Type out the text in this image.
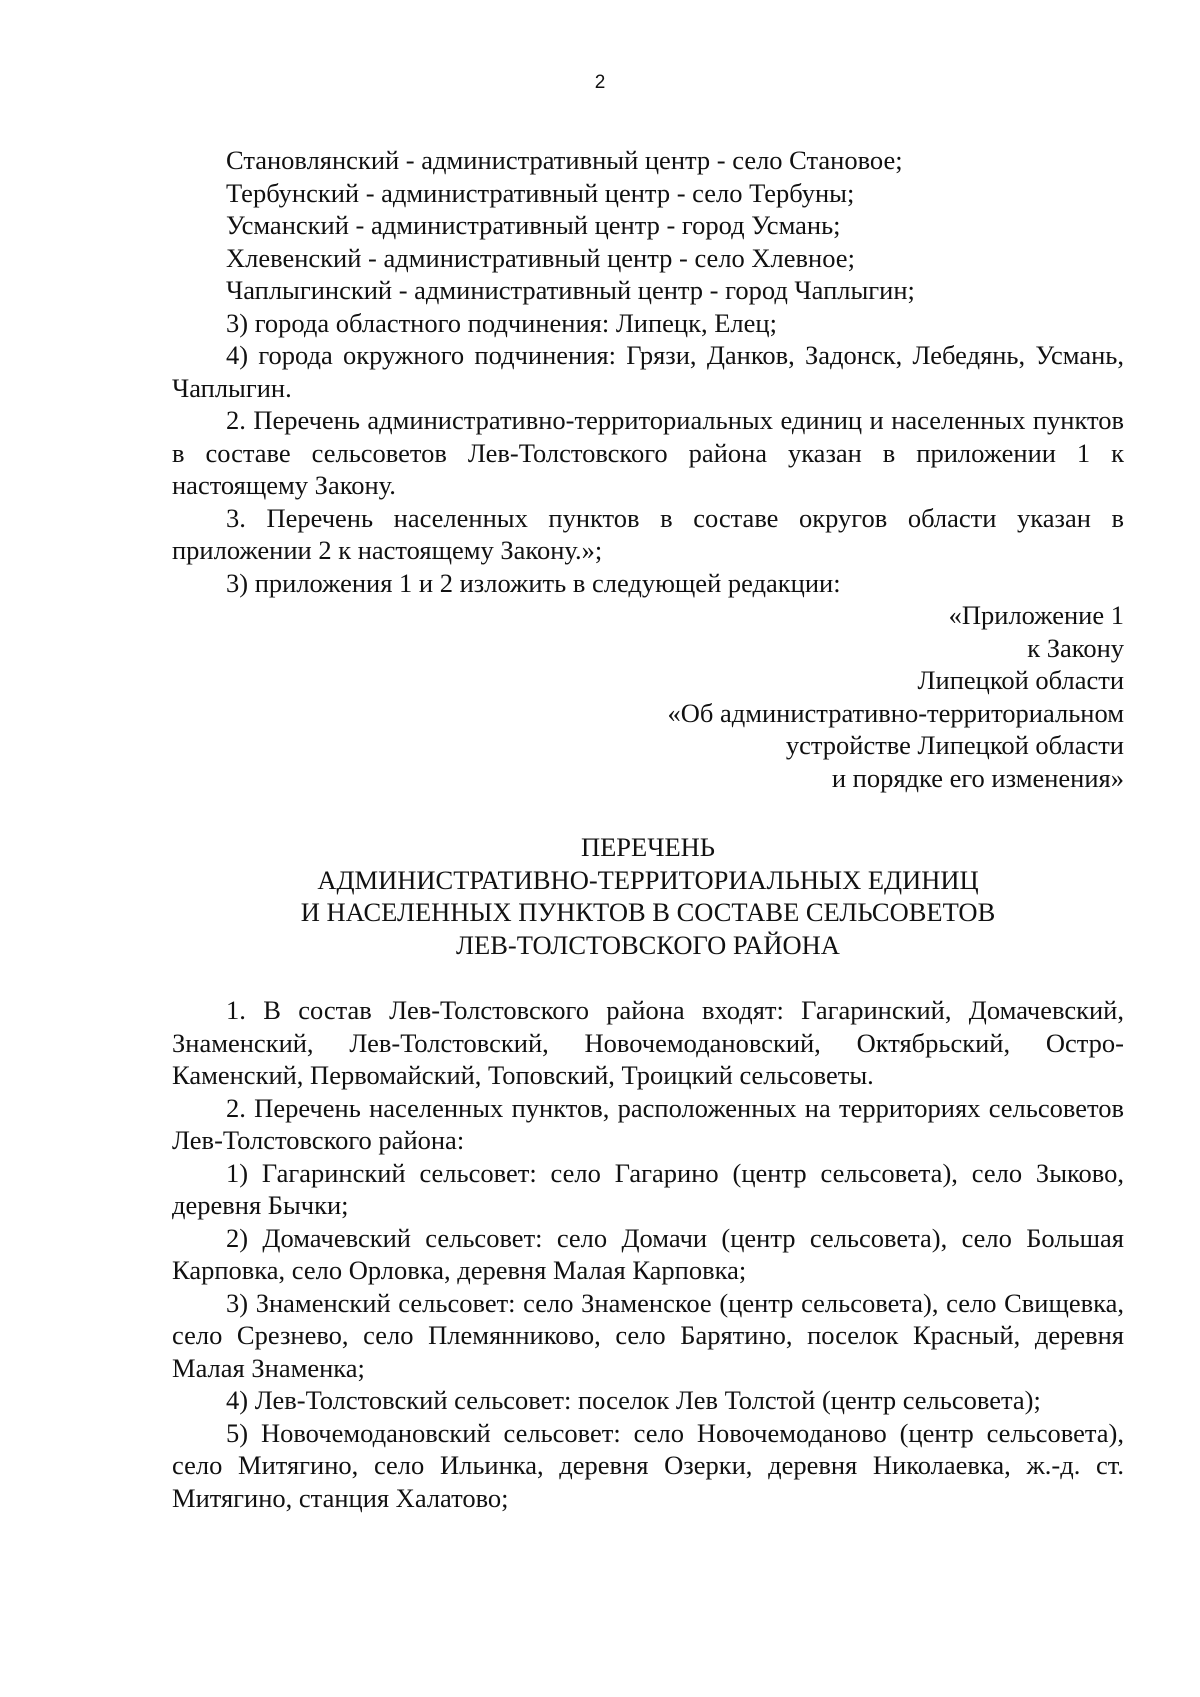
2

Становлянский - административный центр - село Становое;

Тербунский - административный центр - село Тербуны;

Усманский - административный центр - город Усмань;

Хлевенский - административный центр - село Хлевное;

Чаплыгинский - административный центр - город Чаплыгин;

3) города областного подчинения: Липецк, Елец;

4) города окружного подчинения: Грязи, Данков, Задонск, Лебедянь, Усмань, Чаплыгин.

2. Перечень административно-территориальных единиц и населенных пунктов в составе сельсоветов Лев-Толстовского района указан в приложении 1 к настоящему Закону.

3. Перечень населенных пунктов в составе округов области указан в приложении 2 к настоящему Закону.»;

3) приложения 1 и 2 изложить в следующей редакции:

«Приложение 1

к Закону

Липецкой области

«Об административно-территориальном

устройстве Липецкой области

и порядке его изменения»

ПЕРЕЧЕНЬ

АДМИНИСТРАТИВНО-ТЕРРИТОРИАЛЬНЫХ ЕДИНИЦ

И НАСЕЛЕННЫХ ПУНКТОВ В СОСТАВЕ СЕЛЬСОВЕТОВ

ЛЕВ-ТОЛСТОВСКОГО РАЙОНА

1. В состав Лев-Толстовского района входят: Гагаринский, Домачевский, Знаменский, Лев-Толстовский, Новочемодановский, Октябрьский, Остро-Каменский, Первомайский, Топовский, Троицкий сельсоветы.

2. Перечень населенных пунктов, расположенных на территориях сельсоветов Лев-Толстовского района:

1) Гагаринский сельсовет: село Гагарино (центр сельсовета), село Зыково, деревня Бычки;

2) Домачевский сельсовет: село Домачи (центр сельсовета), село Большая Карповка, село Орловка, деревня Малая Карповка;

3) Знаменский сельсовет: село Знаменское (центр сельсовета), село Свищевка, село Срезнево, село Племянниково, село Барятино, поселок Красный, деревня Малая Знаменка;

4) Лев-Толстовский сельсовет: поселок Лев Толстой (центр сельсовета);

5) Новочемодановский сельсовет: село Новочемоданово (центр сельсовета), село Митягино, село Ильинка, деревня Озерки, деревня Николаевка, ж.-д. ст. Митягино, станция Халатово;
